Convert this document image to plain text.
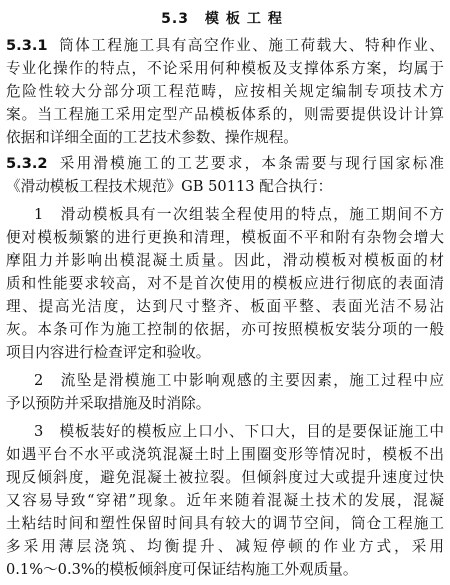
5.3 模板工程
5.3.1 筒体工程施工具有高空作业、施工荷载大、特种作业、
专业化操作的特点，不论采用何种模板及支撑体系方案，均属于
危险性较大分部分项工程范畴，应按相关规定编制专项技术方
案。当工程施工采用定型产品模板体系的，则需要提供设计计算
依据和详细全面的工艺技术参数、操作规程。
5.3.2 采用滑模施工的工艺要求，本条需要与现行国家标准
《滑动模板工程技术规范》GB 50113 配合执行：
1　滑动模板具有一次组装全程使用的特点，施工期间不方
便对模板频繁的进行更换和清理，模板面不平和附有杂物会增大
摩阻力并影响出模混凝土质量。因此，滑动模板对模板面的材
质和性能要求较高，对不是首次使用的模板应进行彻底的表面清
理、提高光洁度，达到尺寸整齐、板面平整、表面光洁不易沾
灰。本条可作为施工控制的依据，亦可按照模板安装分项的一般
项目内容进行检查评定和验收。
2　流坠是滑模施工中影响观感的主要因素，施工过程中应
予以预防并采取措施及时消除。
3　模板装好的模板应上口小、下口大，目的是要保证施工中
如遇平台不水平或浇筑混凝土时上围圈变形等情况时，模板不出
现反倾斜度，避免混凝土被拉裂。但倾斜度过大或提升速度过快
又容易导致“穿裙”现象。近年来随着混凝土技术的发展，混凝
土粘结时间和塑性保留时间具有较大的调节空间，筒仓工程施工
多采用薄层浇筑、均衡提升、减短停顿的作业方式，采用
0.1%～0.3%的模板倾斜度可保证结构施工外观质量。
